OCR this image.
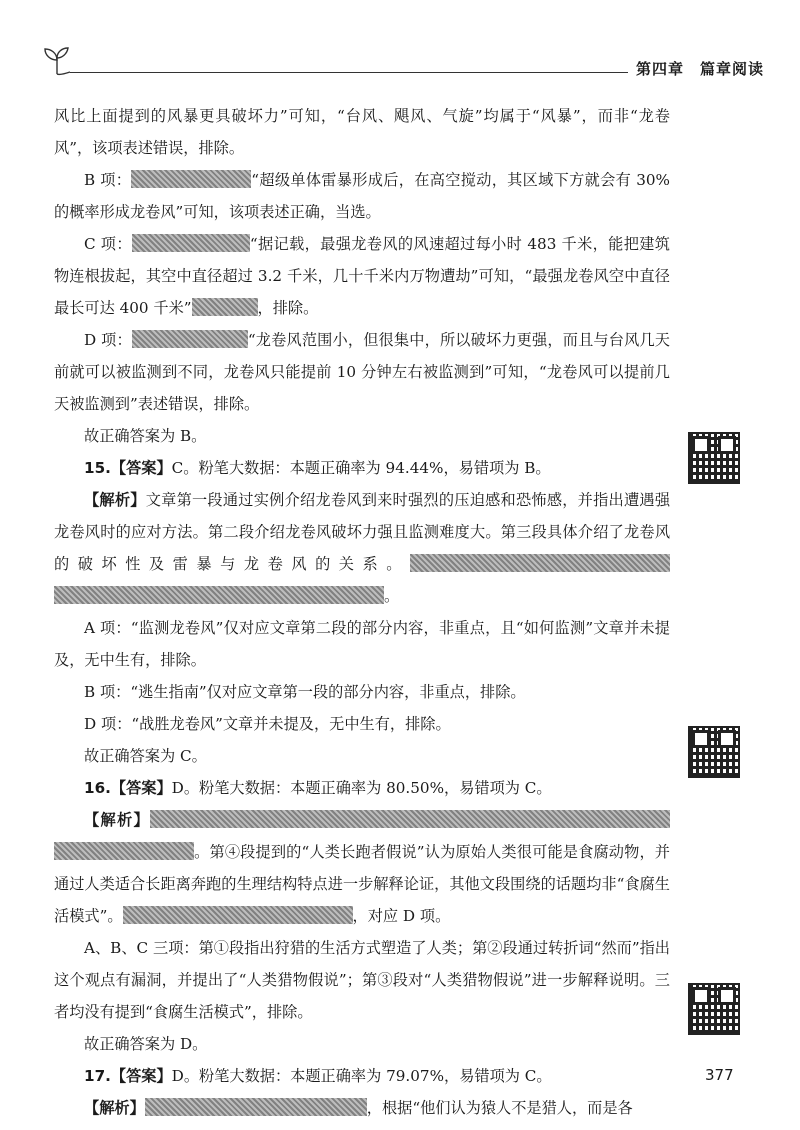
第四章　篇章阅读

风比上面提到的风暴更具破坏力”可知，“台风、飓风、气旋”均属于“风暴”，而非“龙卷风”，该项表述错误，排除。

B 项：	“超级单体雷暴形成后，在高空搅动，其区域下方就会有 30% 的概率形成龙卷风”可知，该项表述正确，当选。

C 项：	“据记载，最强龙卷风的风速超过每小时 483 千米，能把建筑物连根拔起，其空中直径超过 3.2 千米，几十千米内万物遭劫”可知，“最强龙卷风空中直径最长可达 400 千米”	，排除。

D 项：	“龙卷风范围小，但很集中，所以破坏力更强，而且与台风几天前就可以被监测到不同，龙卷风只能提前 10 分钟左右被监测到”可知，“龙卷风可以提前几天被监测到”表述错误，排除。

故正确答案为 B。

15.【答案】C。粉笔大数据：本题正确率为 94.44%，易错项为 B。

【解析】文章第一段通过实例介绍龙卷风到来时强烈的压迫感和恐怖感，并指出遭遇强龙卷风时的应对方法。第二段介绍龙卷风破坏力强且监测难度大。第三段具体介绍了龙卷风的破坏性及雷暴与龙卷风的关系。。

A 项：“监测龙卷风”仅对应文章第二段的部分内容，非重点，且“如何监测”文章并未提及，无中生有，排除。

B 项：“逃生指南”仅对应文章第一段的部分内容，非重点，排除。

D 项：“战胜龙卷风”文章并未提及，无中生有，排除。

故正确答案为 C。

16.【答案】D。粉笔大数据：本题正确率为 80.50%，易错项为 C。

【解析】。第④段提到的“人类长跑者假说”认为原始人类很可能是食腐动物，并通过人类适合长距离奔跑的生理结构特点进一步解释论证，其他文段围绕的话题均非“食腐生活模式”。	，对应 D 项。

A、B、C 三项：第①段指出狩猎的生活方式塑造了人类；第②段通过转折词“然而”指出这个观点有漏洞，并提出了“人类猎物假说”；第③段对“人类猎物假说”进一步解释说明。三者均没有提到“食腐生活模式”，排除。

故正确答案为 D。

17.【答案】D。粉笔大数据：本题正确率为 79.07%，易错项为 C。

【解析】	，根据“他们认为猿人不是猎人，而是各

377
